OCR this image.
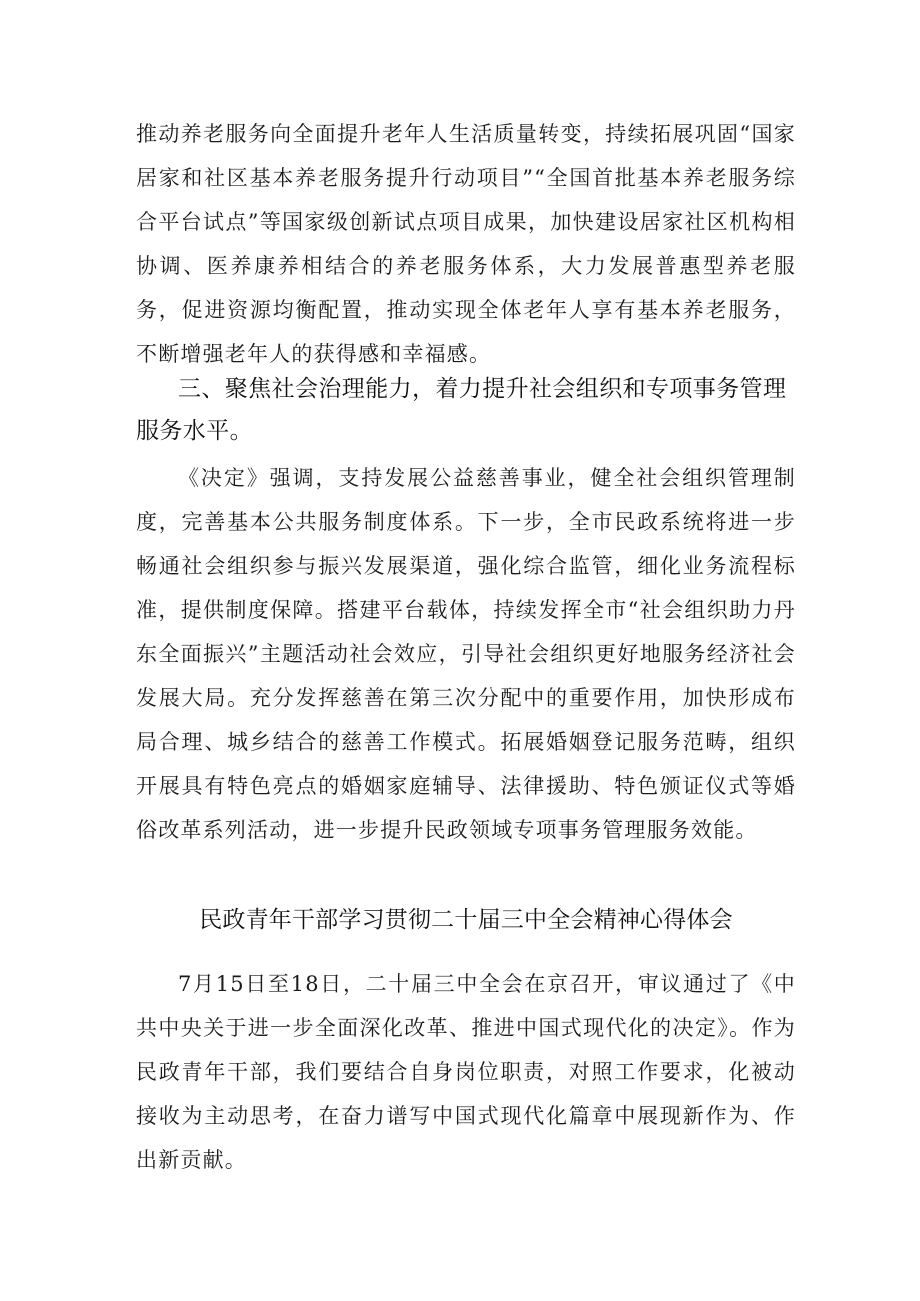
推动养老服务向全面提升老年人生活质量转变，持续拓展巩固“国家居家和社区基本养老服务提升行动项目”“全国首批基本养老服务综合平台试点”等国家级创新试点项目成果，加快建设居家社区机构相协调、医养康养相结合的养老服务体系，大力发展普惠型养老服务，促进资源均衡配置，推动实现全体老年人享有基本养老服务，不断增强老年人的获得感和幸福感。

三、聚焦社会治理能力，着力提升社会组织和专项事务管理服务水平。

《决定》强调，支持发展公益慈善事业，健全社会组织管理制度，完善基本公共服务制度体系。下一步，全市民政系统将进一步畅通社会组织参与振兴发展渠道，强化综合监管，细化业务流程标准，提供制度保障。搭建平台载体，持续发挥全市“社会组织助力丹东全面振兴”主题活动社会效应，引导社会组织更好地服务经济社会发展大局。充分发挥慈善在第三次分配中的重要作用，加快形成布局合理、城乡结合的慈善工作模式。拓展婚姻登记服务范畴，组织开展具有特色亮点的婚姻家庭辅导、法律援助、特色颁证仪式等婚俗改革系列活动，进一步提升民政领域专项事务管理服务效能。

民政青年干部学习贯彻二十届三中全会精神心得体会

7月15日至18日，二十届三中全会在京召开，审议通过了《中共中央关于进一步全面深化改革、推进中国式现代化的决定》。作为民政青年干部，我们要结合自身岗位职责，对照工作要求，化被动接收为主动思考，在奋力谱写中国式现代化篇章中展现新作为、作出新贡献。
